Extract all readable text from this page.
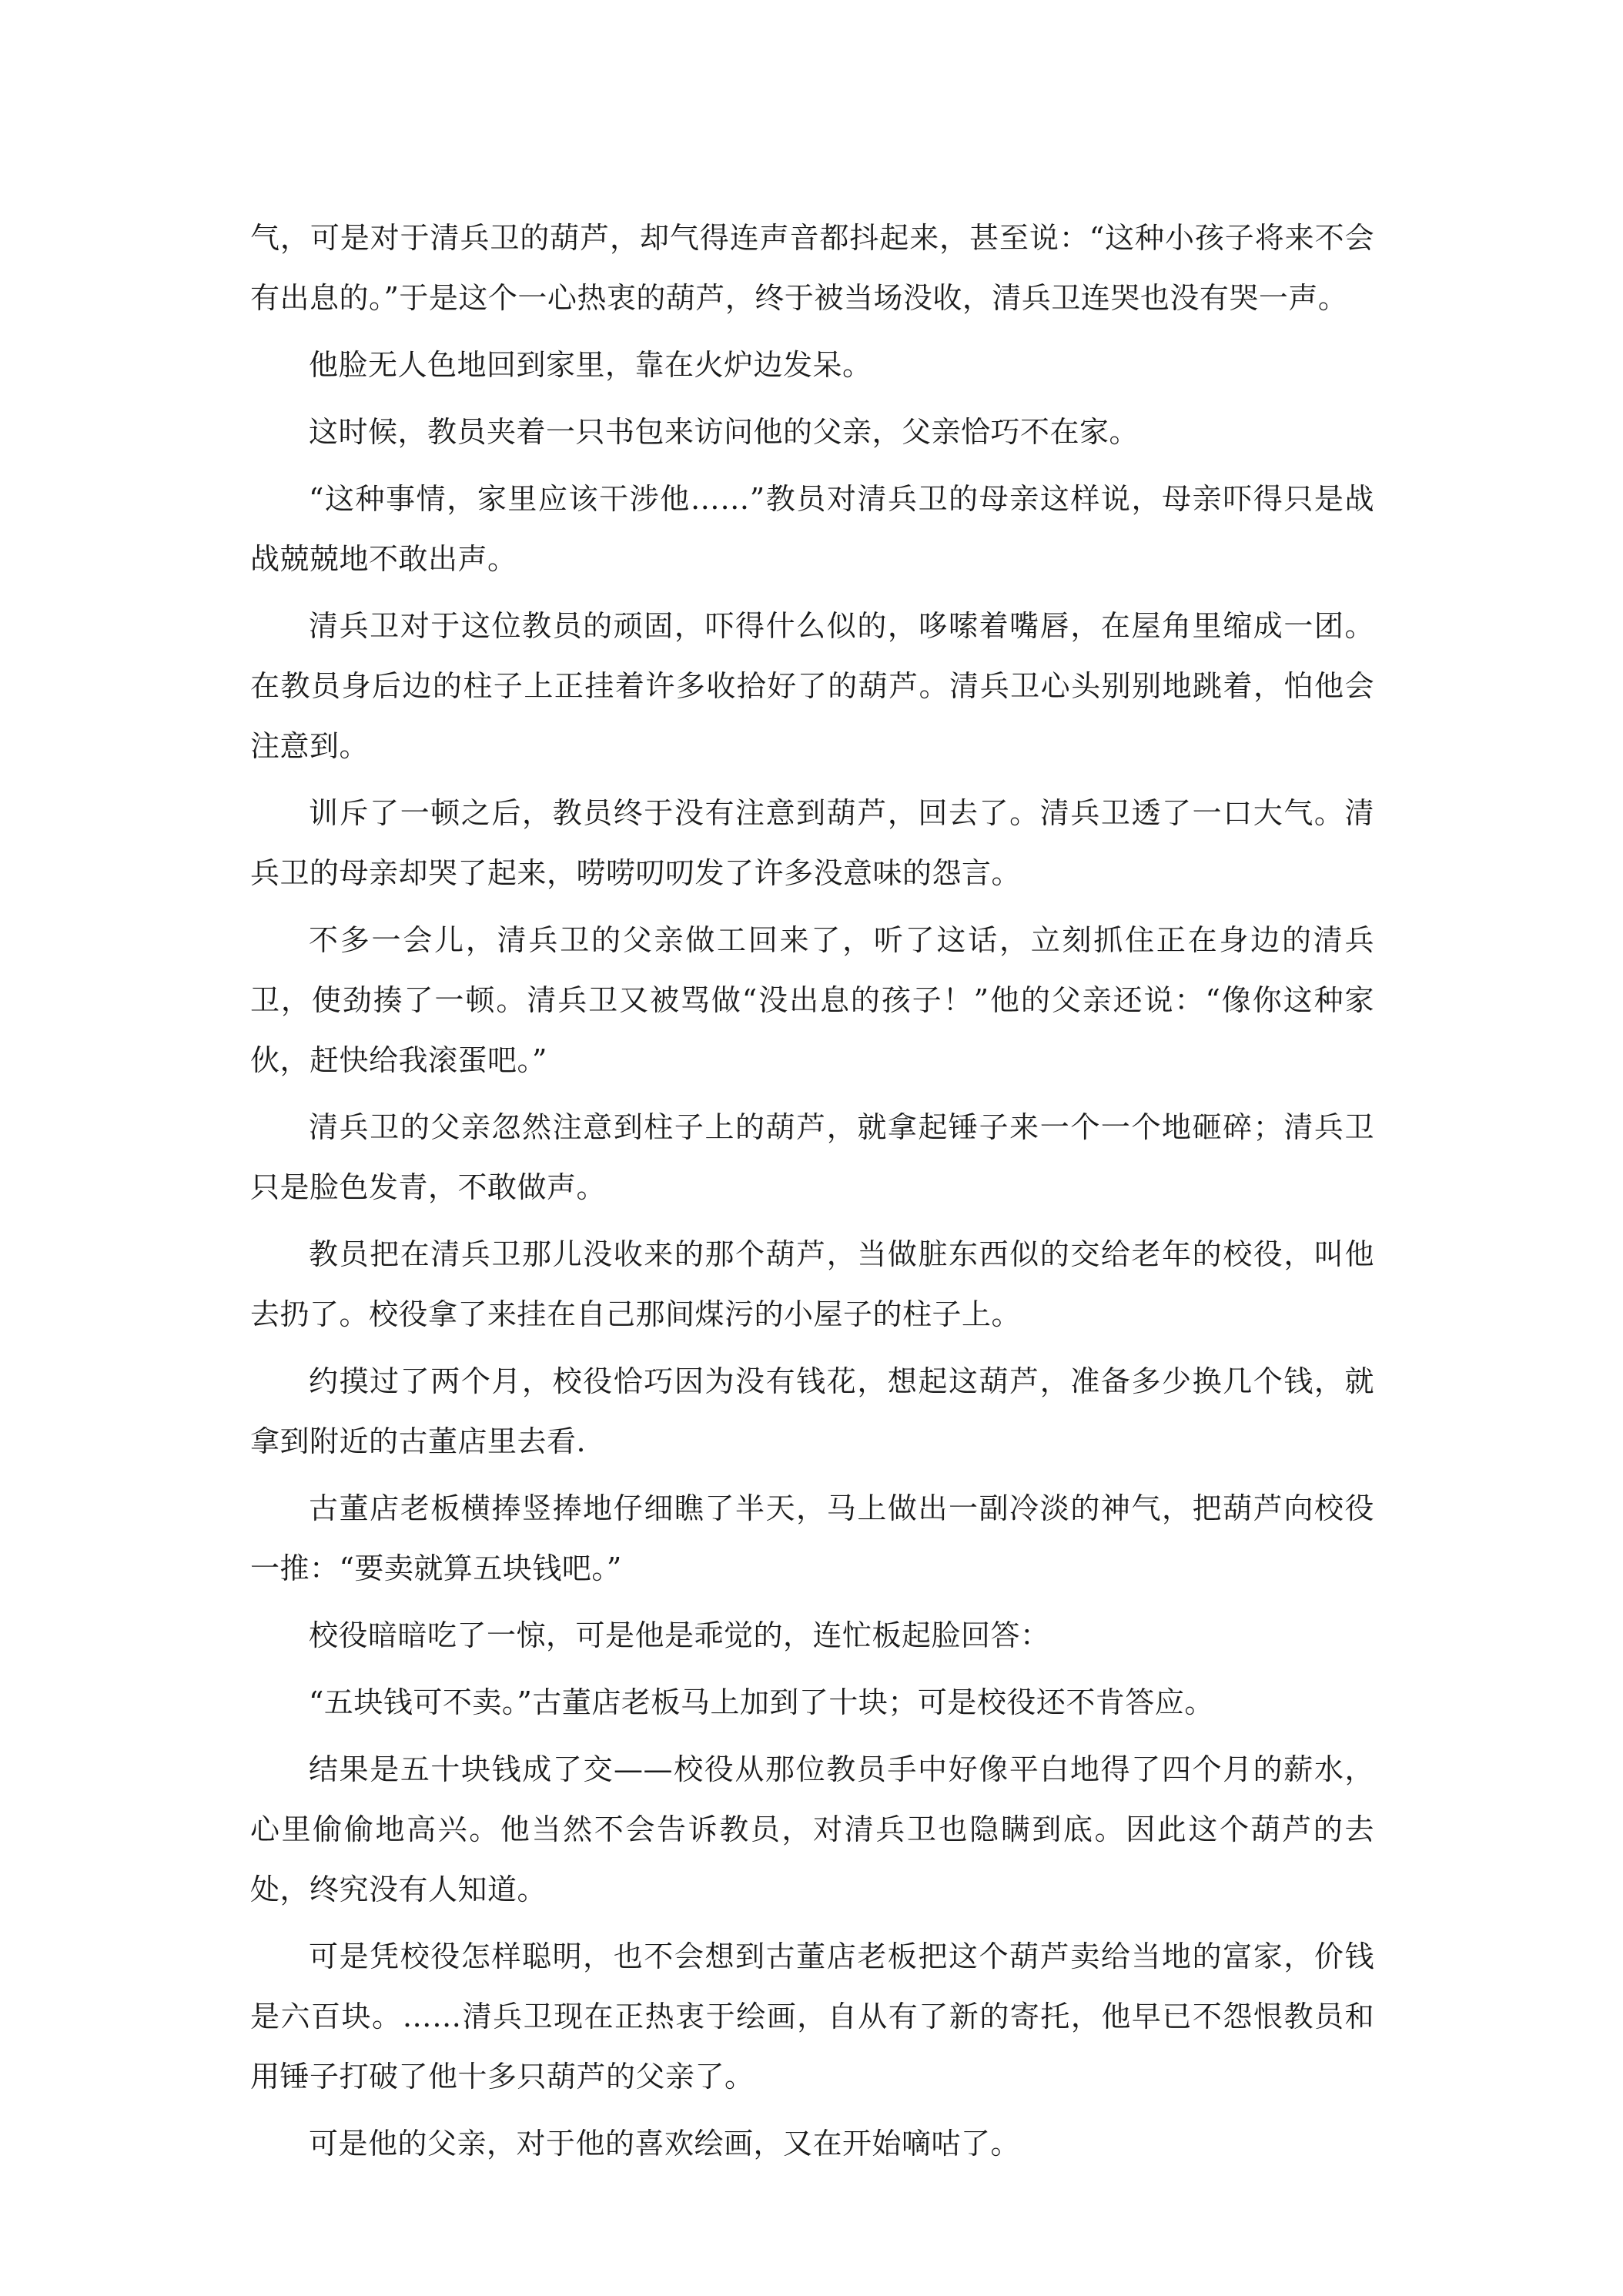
气，可是对于清兵卫的葫芦，却气得连声音都抖起来，甚至说：“这种小孩子将来不会有出息的。”于是这个一心热衷的葫芦，终于被当场没收，清兵卫连哭也没有哭一声。

他脸无人色地回到家里，靠在火炉边发呆。

这时候，教员夹着一只书包来访问他的父亲，父亲恰巧不在家。

“这种事情，家里应该干涉他……”教员对清兵卫的母亲这样说，母亲吓得只是战战兢兢地不敢出声。

清兵卫对于这位教员的顽固，吓得什么似的，哆嗦着嘴唇，在屋角里缩成一团。在教员身后边的柱子上正挂着许多收拾好了的葫芦。清兵卫心头别别地跳着，怕他会注意到。

训斥了一顿之后，教员终于没有注意到葫芦，回去了。清兵卫透了一口大气。清兵卫的母亲却哭了起来，唠唠叨叨发了许多没意味的怨言。

不多一会儿，清兵卫的父亲做工回来了，听了这话，立刻抓住正在身边的清兵卫，使劲揍了一顿。清兵卫又被骂做“没出息的孩子！”他的父亲还说：“像你这种家伙，赶快给我滚蛋吧。”

清兵卫的父亲忽然注意到柱子上的葫芦，就拿起锤子来一个一个地砸碎；清兵卫只是脸色发青，不敢做声。

教员把在清兵卫那儿没收来的那个葫芦，当做脏东西似的交给老年的校役，叫他去扔了。校役拿了来挂在自己那间煤污的小屋子的柱子上。

约摸过了两个月，校役恰巧因为没有钱花，想起这葫芦，准备多少换几个钱，就拿到附近的古董店里去看.

古董店老板横捧竖捧地仔细瞧了半天，马上做出一副冷淡的神气，把葫芦向校役一推：“要卖就算五块钱吧。”

校役暗暗吃了一惊，可是他是乖觉的，连忙板起脸回答：

“五块钱可不卖。”古董店老板马上加到了十块；可是校役还不肯答应。

结果是五十块钱成了交——校役从那位教员手中好像平白地得了四个月的薪水，心里偷偷地高兴。他当然不会告诉教员，对清兵卫也隐瞒到底。因此这个葫芦的去处，终究没有人知道。

可是凭校役怎样聪明，也不会想到古董店老板把这个葫芦卖给当地的富家，价钱是六百块。……清兵卫现在正热衷于绘画，自从有了新的寄托，他早已不怨恨教员和用锤子打破了他十多只葫芦的父亲了。

可是他的父亲，对于他的喜欢绘画，又在开始嘀咕了。
